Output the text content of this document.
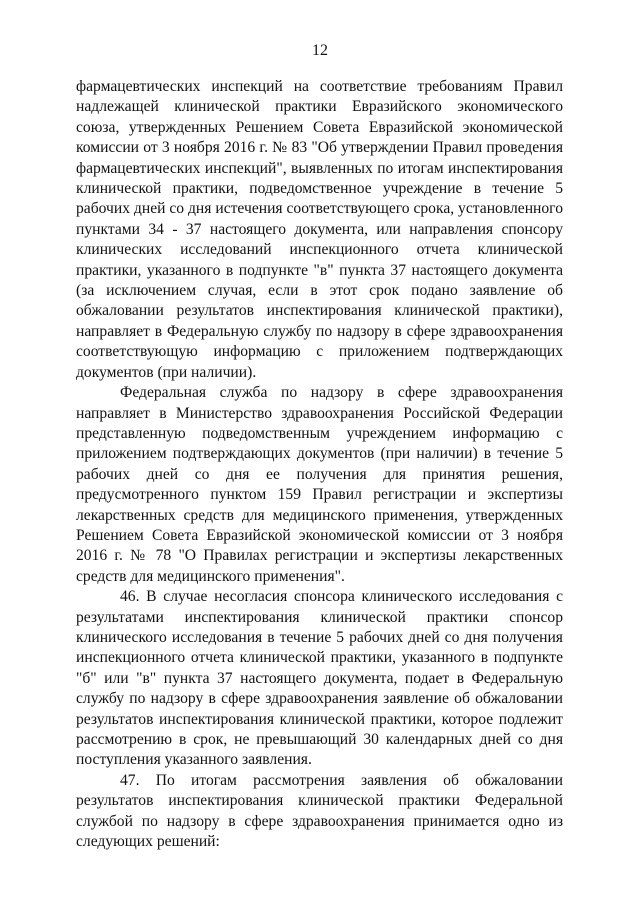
12

фармацевтических инспекций на соответствие требованиям Правил надлежащей клинической практики Евразийского экономического союза, утвержденных Решением Совета Евразийской экономической комиссии от 3 ноября 2016 г. № 83 "Об утверждении Правил проведения фармацевтических инспекций", выявленных по итогам инспектирования клинической практики, подведомственное учреждение в течение 5 рабочих дней со дня истечения соответствующего срока, установленного пунктами 34 - 37 настоящего документа, или направления спонсору клинических исследований инспекционного отчета клинической практики, указанного в подпункте "в" пункта 37 настоящего документа (за исключением случая, если в этот срок подано заявление об обжаловании результатов инспектирования клинической практики), направляет в Федеральную службу по надзору в сфере здравоохранения соответствующую информацию с приложением подтверждающих документов (при наличии).

Федеральная служба по надзору в сфере здравоохранения направляет в Министерство здравоохранения Российской Федерации представленную подведомственным учреждением информацию с приложением подтверждающих документов (при наличии) в течение 5 рабочих дней со дня ее получения для принятия решения, предусмотренного пунктом 159 Правил регистрации и экспертизы лекарственных средств для медицинского применения, утвержденных Решением Совета Евразийской экономической комиссии от 3 ноября 2016 г. № 78 "О Правилах регистрации и экспертизы лекарственных средств для медицинского применения".

46. В случае несогласия спонсора клинического исследования с результатами инспектирования клинической практики спонсор клинического исследования в течение 5 рабочих дней со дня получения инспекционного отчета клинической практики, указанного в подпункте "б" или "в" пункта 37 настоящего документа, подает в Федеральную службу по надзору в сфере здравоохранения заявление об обжаловании результатов инспектирования клинической практики, которое подлежит рассмотрению в срок, не превышающий 30 календарных дней со дня поступления указанного заявления.

47. По итогам рассмотрения заявления об обжаловании результатов инспектирования клинической практики Федеральной службой по надзору в сфере здравоохранения принимается одно из следующих решений:
